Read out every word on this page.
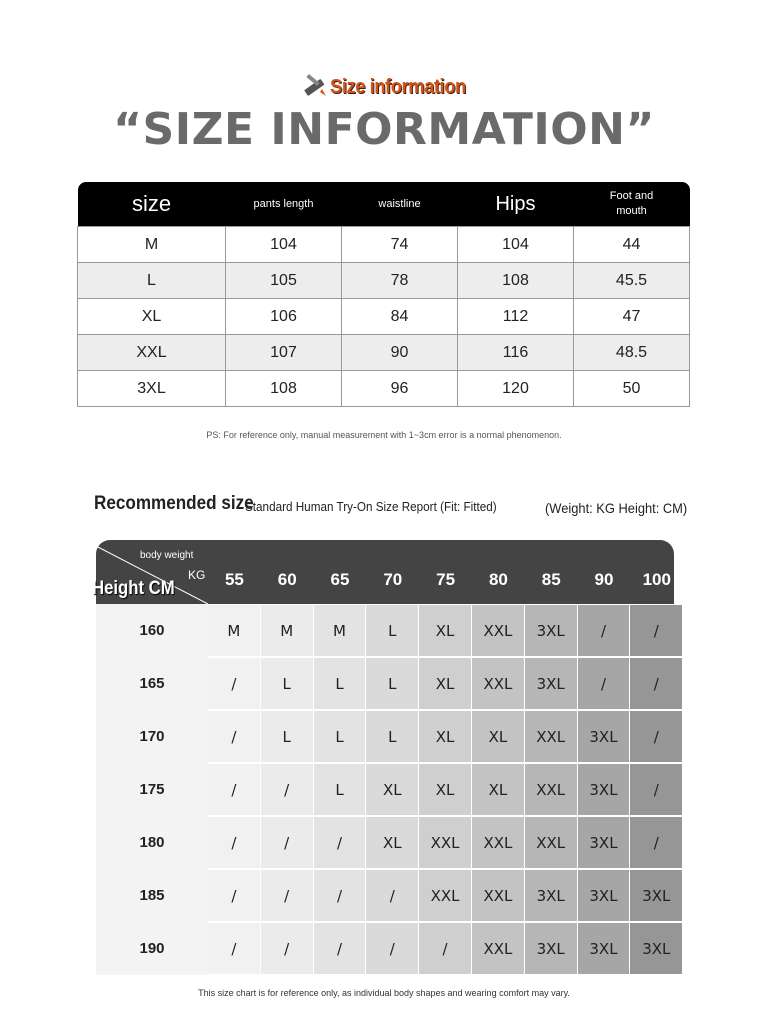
Size information
“SIZE INFORMATION”
size	pants length	waistline	Hips	Foot and mouth
M	104	74	104	44
L	105	78	108	45.5
XL	106	84	112	47
XXL	107	90	116	48.5
3XL	108	96	120	50
PS: For reference only, manual measurement with 1~3cm error is a normal phenomenon.
Recommended size
Standard Human Try-On Size Report (Fit: Fitted)	(Weight: KG Height: CM)
body weight
KG
Height CM	55	60	65	70	75	80	85	90	100
160	M	M	M	L	XL	XXL	3XL	/	/
165	/	L	L	L	XL	XXL	3XL	/	/
170	/	L	L	L	XL	XL	XXL	3XL	/
175	/	/	L	XL	XL	XL	XXL	3XL	/
180	/	/	/	XL	XXL	XXL	XXL	3XL	/
185	/	/	/	/	XXL	XXL	3XL	3XL	3XL
190	/	/	/	/	/	XXL	3XL	3XL	3XL
This size chart is for reference only, as individual body shapes and wearing comfort may vary.
